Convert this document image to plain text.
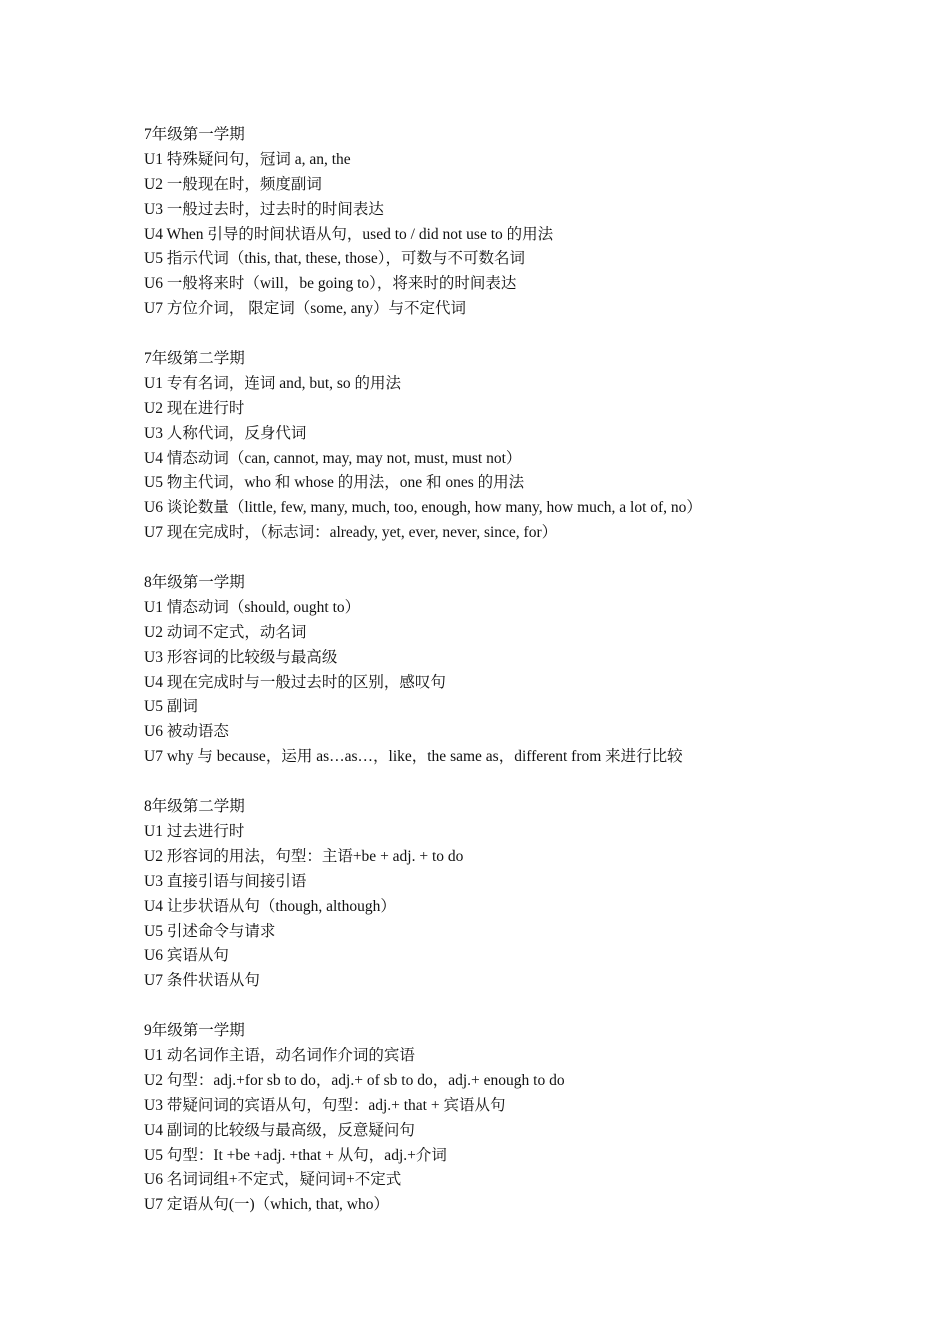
7年级第一学期

U1 特殊疑问句，冠词 a, an, the

U2 一般现在时，频度副词

U3 一般过去时，过去时的时间表达

U4 When 引导的时间状语从句，used to / did not use to 的用法

U5 指示代词（this, that, these, those），可数与不可数名词

U6 一般将来时（will，be going to），将来时的时间表达

U7 方位介词， 限定词（some, any）与不定代词

7年级第二学期

U1 专有名词，连词 and, but, so 的用法

U2 现在进行时

U3 人称代词，反身代词

U4 情态动词（can, cannot, may, may not, must, must not）

U5 物主代词，who 和 whose 的用法，one 和 ones 的用法

U6 谈论数量（little, few, many, much, too, enough, how many, how much, a lot of, no）

U7 现在完成时，（标志词：already, yet, ever, never, since, for）

8年级第一学期

U1 情态动词（should, ought to）

U2 动词不定式，动名词

U3 形容词的比较级与最高级

U4 现在完成时与一般过去时的区别，感叹句

U5 副词

U6 被动语态

U7 why 与 because，运用 as…as…，like，the same as，different from 来进行比较

8年级第二学期

U1 过去进行时

U2 形容词的用法，句型：主语+be + adj. + to do

U3 直接引语与间接引语

U4 让步状语从句（though, although）

U5 引述命令与请求

U6 宾语从句

U7 条件状语从句

9年级第一学期

U1 动名词作主语，动名词作介词的宾语

U2 句型：adj.+for sb to do，adj.+ of sb to do，adj.+ enough to do

U3 带疑问词的宾语从句，句型：adj.+ that + 宾语从句

U4 副词的比较级与最高级，反意疑问句

U5 句型：It +be +adj. +that + 从句，adj.+介词

U6 名词词组+不定式，疑问词+不定式

U7 定语从句(一)（which, that, who）
